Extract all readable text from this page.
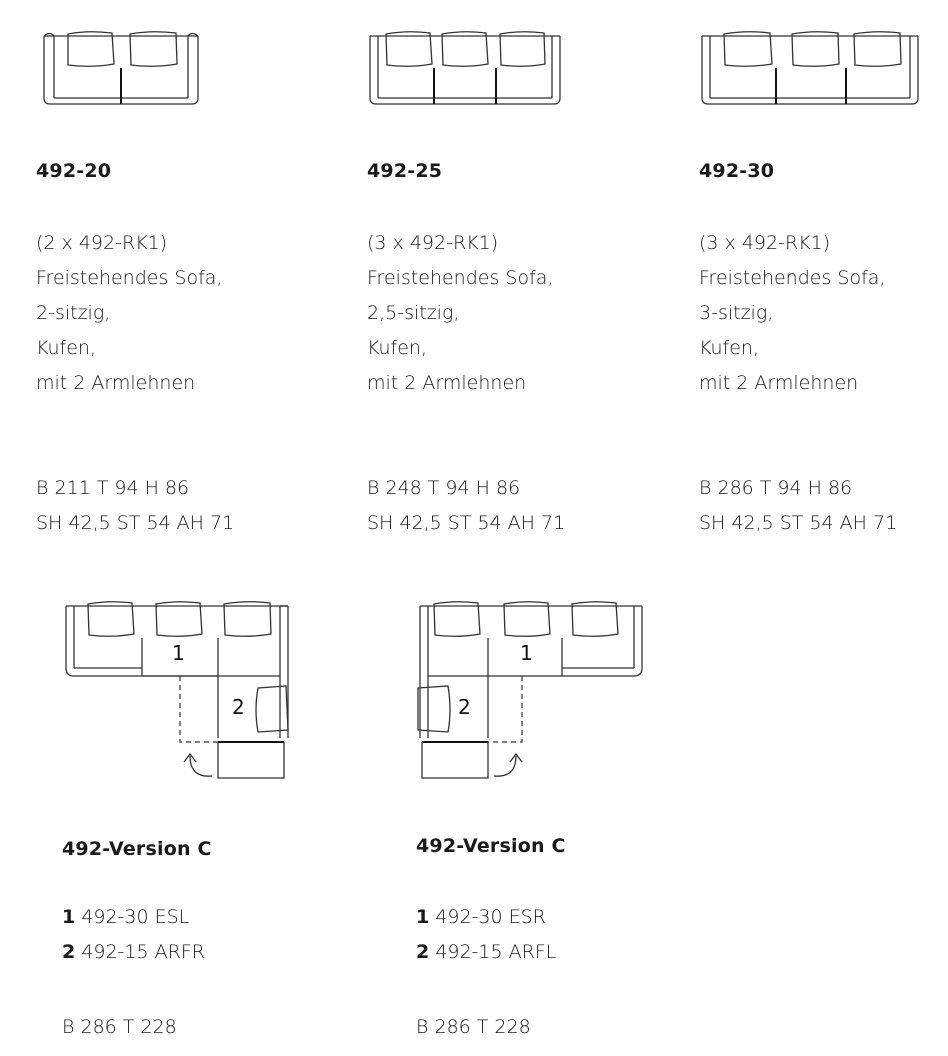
492-20
(2 x 492-RK1)
Freistehendes Sofa,
2-sitzig,
Kufen,
mit 2 Armlehnen
B 211 T 94 H 86
SH 42,5 ST 54 AH 71
492-25
(3 x 492-RK1)
Freistehendes Sofa,
2,5-sitzig,
Kufen,
mit 2 Armlehnen
B 248 T 94 H 86
SH 42,5 ST 54 AH 71
492-30
(3 x 492-RK1)
Freistehendes Sofa,
3-sitzig,
Kufen,
mit 2 Armlehnen
B 286 T 94 H 86
SH 42,5 ST 54 AH 71
1
2
1
2
492-Version C
1 492-30 ESL
2 492-15 ARFR
B 286 T 228
492-Version C
1 492-30 ESR
2 492-15 ARFL
B 286 T 228
